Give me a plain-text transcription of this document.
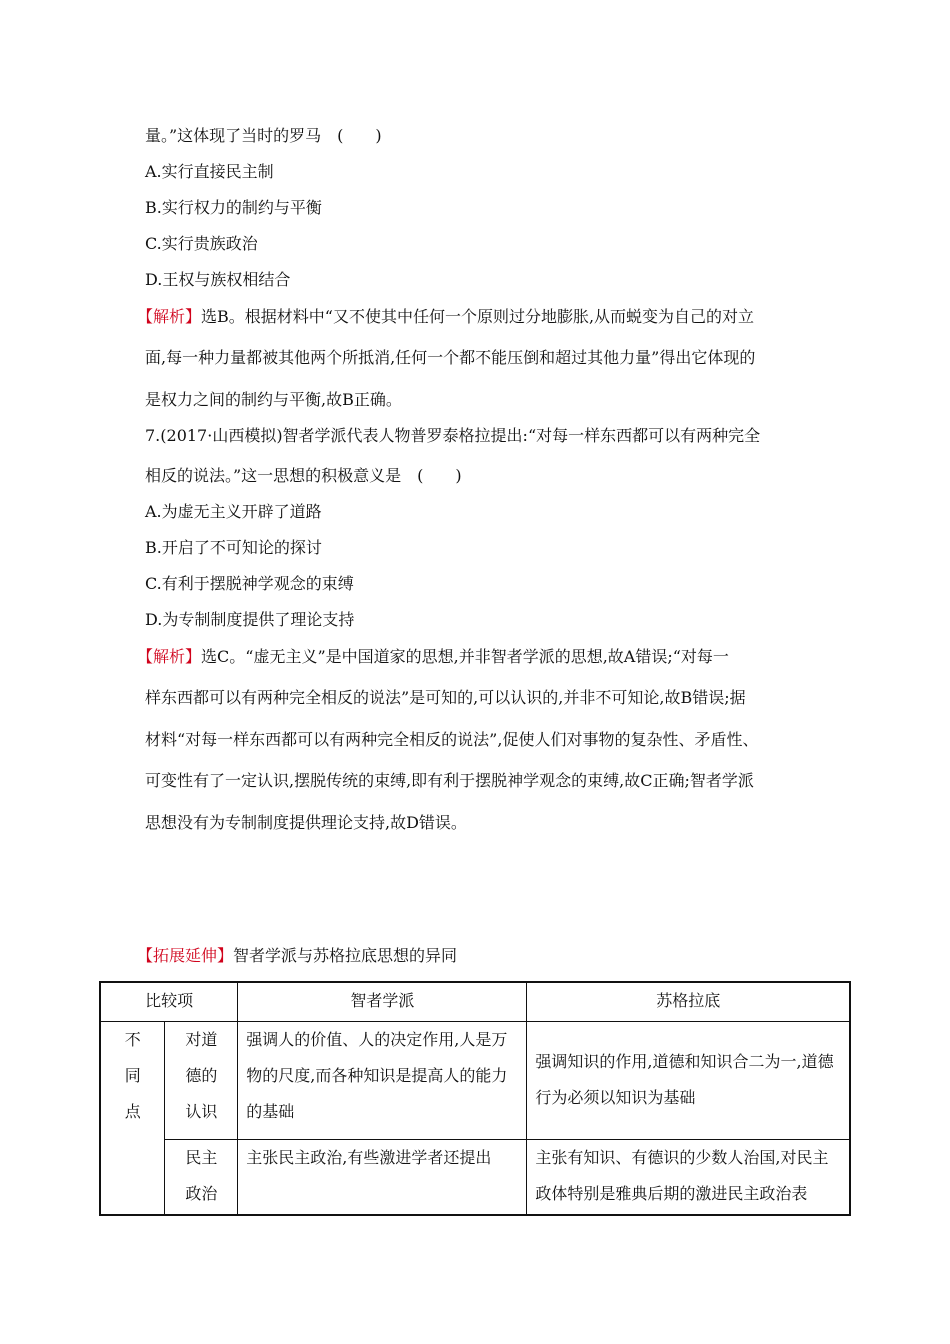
量。”这体现了当时的罗马　(　　)
A.实行直接民主制
B.实行权力的制约与平衡
C.实行贵族政治
D.王权与族权相结合
【解析】选B。根据材料中“又不使其中任何一个原则过分地膨胀,从而蜕变为自己的对立
面,每一种力量都被其他两个所抵消,任何一个都不能压倒和超过其他力量”得出它体现的
是权力之间的制约与平衡,故B正确。
7.(2017·山西模拟)智者学派代表人物普罗泰格拉提出:“对每一样东西都可以有两种完全
相反的说法。”这一思想的积极意义是　(　　)
A.为虚无主义开辟了道路
B.开启了不可知论的探讨
C.有利于摆脱神学观念的束缚
D.为专制制度提供了理论支持
【解析】选C。“虚无主义”是中国道家的思想,并非智者学派的思想,故A错误;“对每一
样东西都可以有两种完全相反的说法”是可知的,可以认识的,并非不可知论,故B错误;据
材料“对每一样东西都可以有两种完全相反的说法”,促使人们对事物的复杂性、矛盾性、
可变性有了一定认识,摆脱传统的束缚,即有利于摆脱神学观念的束缚,故C正确;智者学派
思想没有为专制制度提供理论支持,故D错误。
【拓展延伸】智者学派与苏格拉底思想的异同
比较项		智者学派	苏格拉底
不
同
点	对道
德的
认识	强调人的价值、人的决定作用,人是万物的尺度,而各种知识是提高人的能力的基础	强调知识的作用,道德和知识合二为一,道德行为必须以知识为基础
	民主
政治	主张民主政治,有些激进学者还提出	主张有知识、有德识的少数人治国,对民主政体特别是雅典后期的激进民主政治表
